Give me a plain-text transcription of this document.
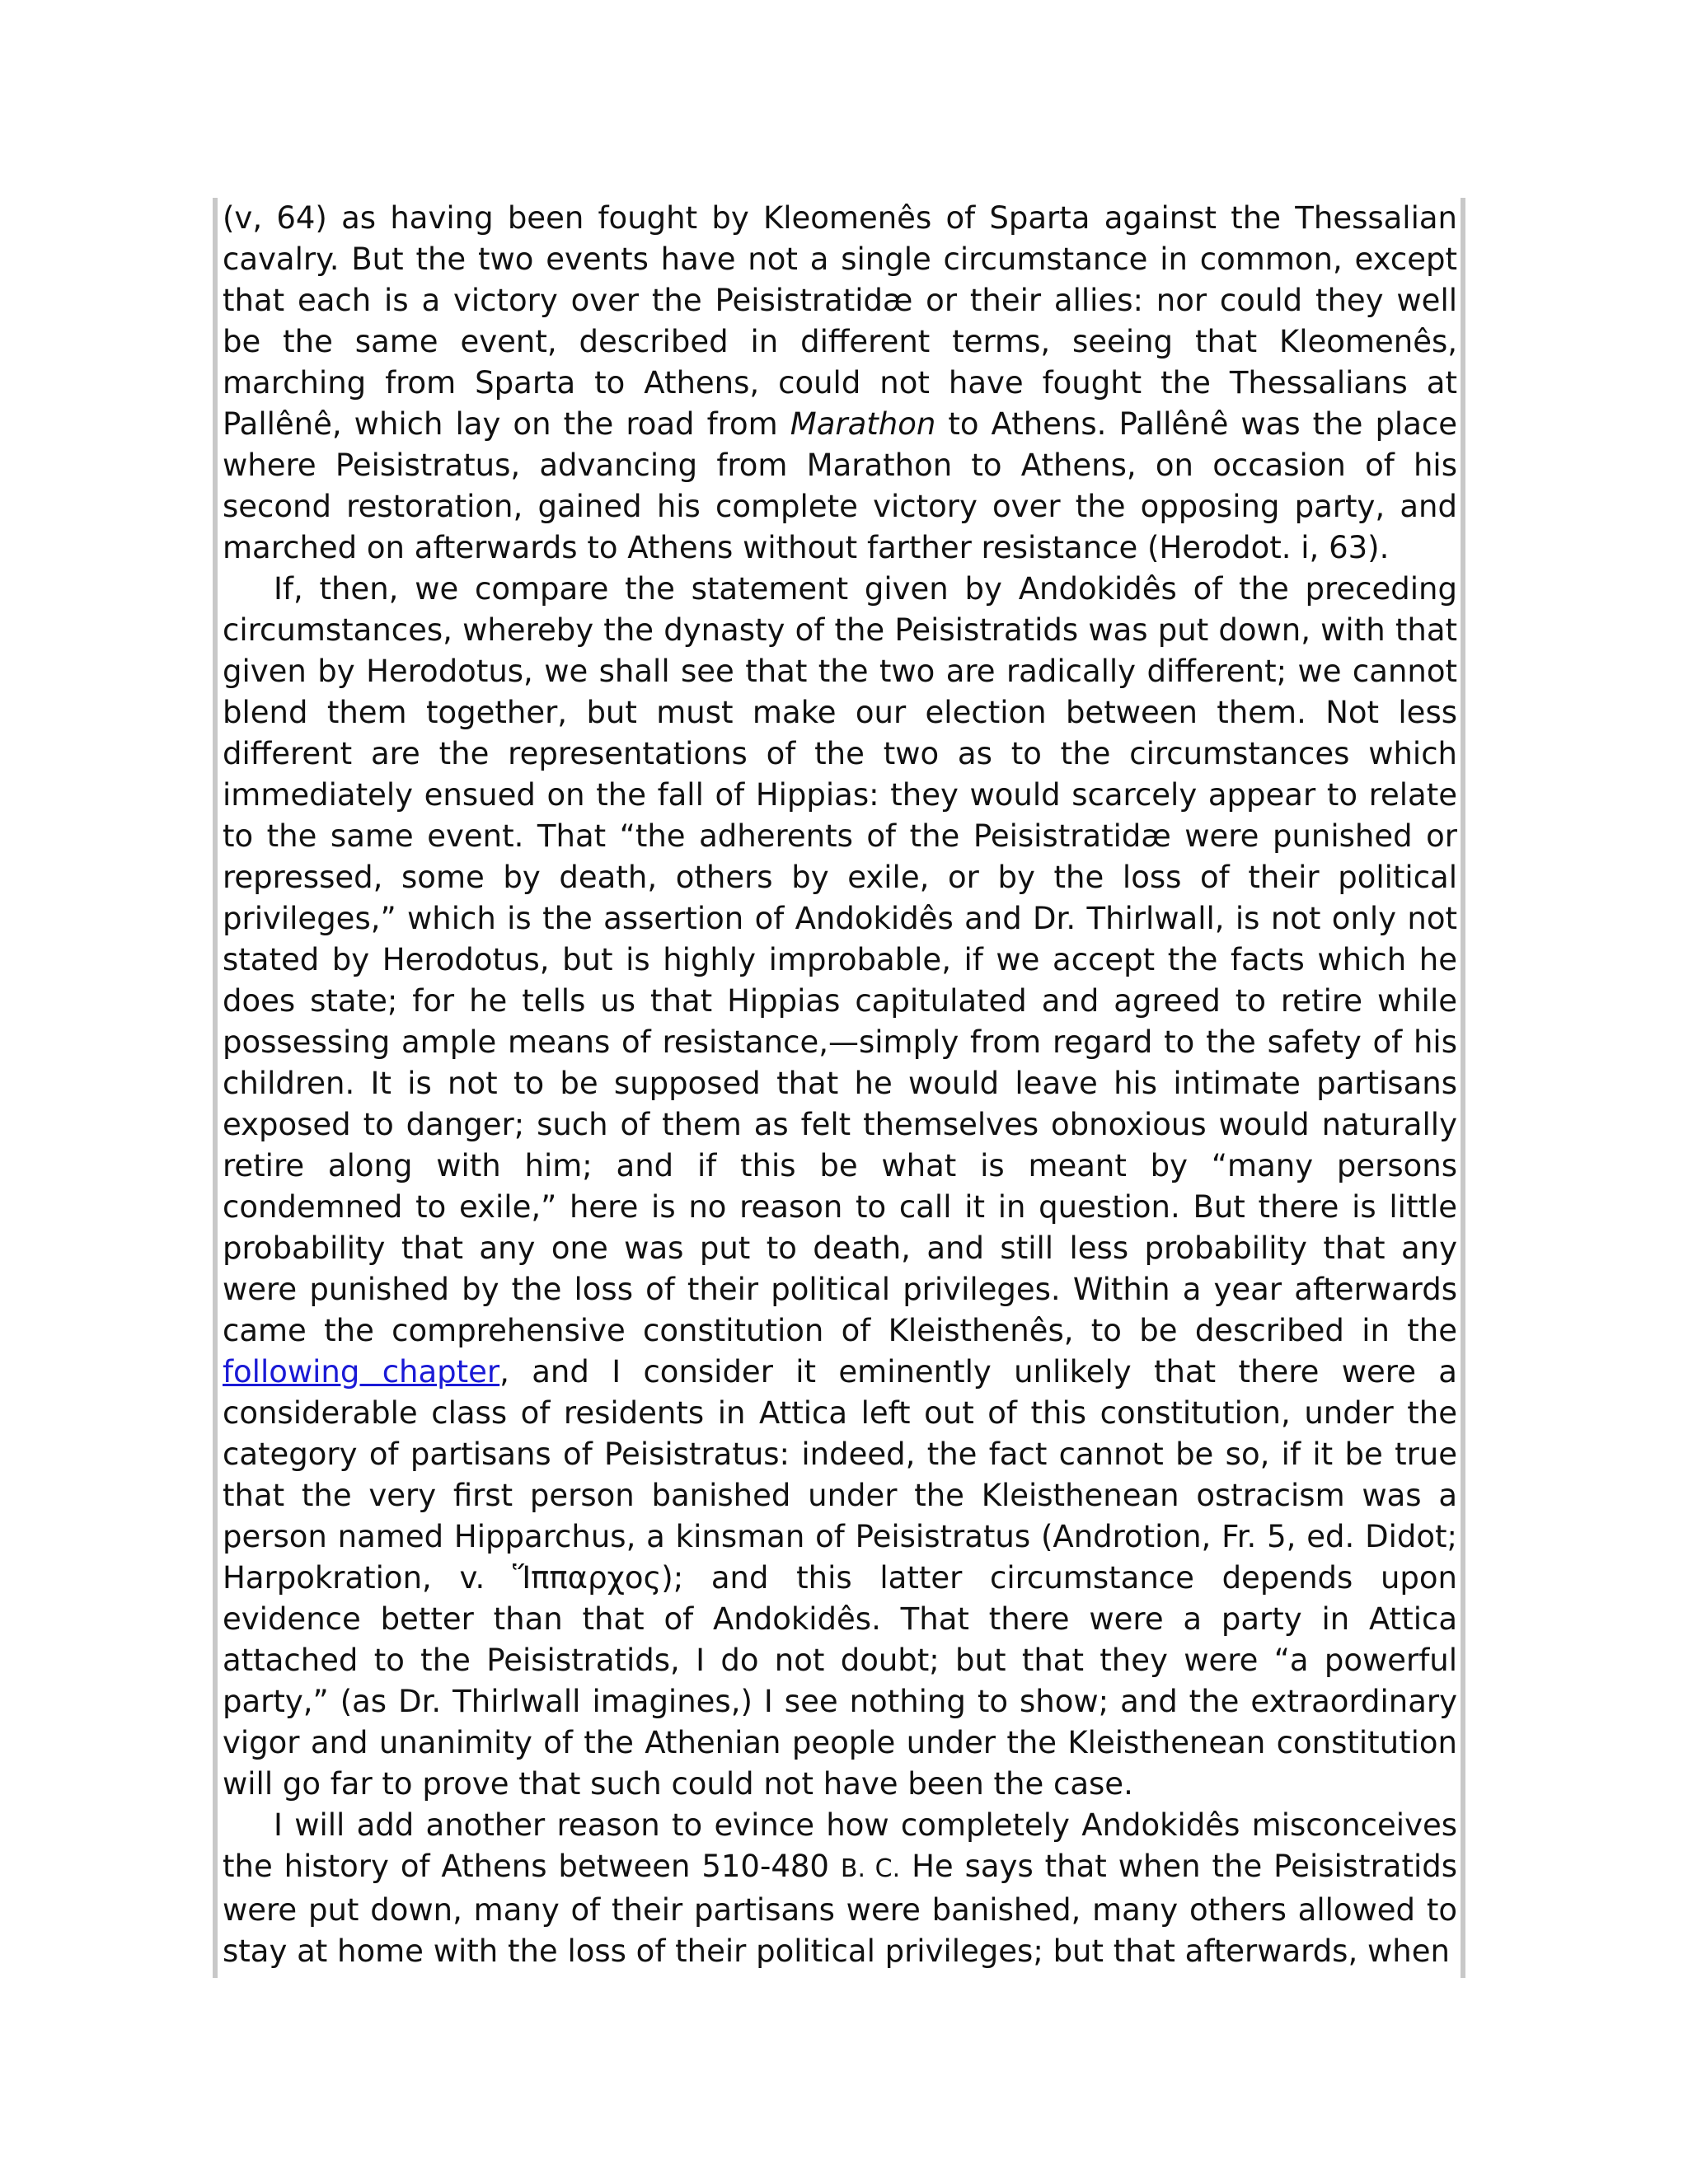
(v, 64) as having been fought by Kleomenês of Sparta against the Thessalian cavalry. But the two events have not a single circumstance in common, except that each is a victory over the Peisistratidæ or their allies: nor could they well be the same event, described in different terms, seeing that Kleomenês, marching from Sparta to Athens, could not have fought the Thessalians at Pallênê, which lay on the road from Marathon to Athens. Pallênê was the place where Peisistratus, advancing from Marathon to Athens, on occasion of his second restoration, gained his complete victory over the opposing party, and marched on afterwards to Athens without farther resistance (Herodot. i, 63).

If, then, we compare the statement given by Andokidês of the preceding circumstances, whereby the dynasty of the Peisistratids was put down, with that given by Herodotus, we shall see that the two are radically different; we cannot blend them together, but must make our election between them. Not less different are the representations of the two as to the circumstances which immediately ensued on the fall of Hippias: they would scarcely appear to relate to the same event. That “the adherents of the Peisistratidæ were punished or repressed, some by death, others by exile, or by the loss of their political privileges,” which is the assertion of Andokidês and Dr. Thirlwall, is not only not stated by Herodotus, but is highly improbable, if we accept the facts which he does state; for he tells us that Hippias capitulated and agreed to retire while possessing ample means of resistance,—simply from regard to the safety of his children. It is not to be supposed that he would leave his intimate partisans exposed to danger; such of them as felt themselves obnoxious would naturally retire along with him; and if this be what is meant by “many persons condemned to exile,” here is no reason to call it in question. But there is little probability that any one was put to death, and still less probability that any were punished by the loss of their political privileges. Within a year afterwards came the comprehensive constitution of Kleisthenês, to be described in the following chapter, and I consider it eminently unlikely that there were a considerable class of residents in Attica left out of this constitution, under the category of partisans of Peisistratus: indeed, the fact cannot be so, if it be true that the very first person banished under the Kleisthenean ostracism was a person named Hipparchus, a kinsman of Peisistratus (Androtion, Fr. 5, ed. Didot; Harpokration, v. Ἵππαρχος); and this latter circumstance depends upon evidence better than that of Andokidês. That there were a party in Attica attached to the Peisistratids, I do not doubt; but that they were “a powerful party,” (as Dr. Thirlwall imagines,) I see nothing to show; and the extraordinary vigor and unanimity of the Athenian people under the Kleisthenean constitution will go far to prove that such could not have been the case.

I will add another reason to evince how completely Andokidês misconceives the history of Athens between 510-480 B. C. He says that when the Peisistratids were put down, many of their partisans were banished, many others allowed to stay at home with the loss of their political privileges; but that afterwards, when
